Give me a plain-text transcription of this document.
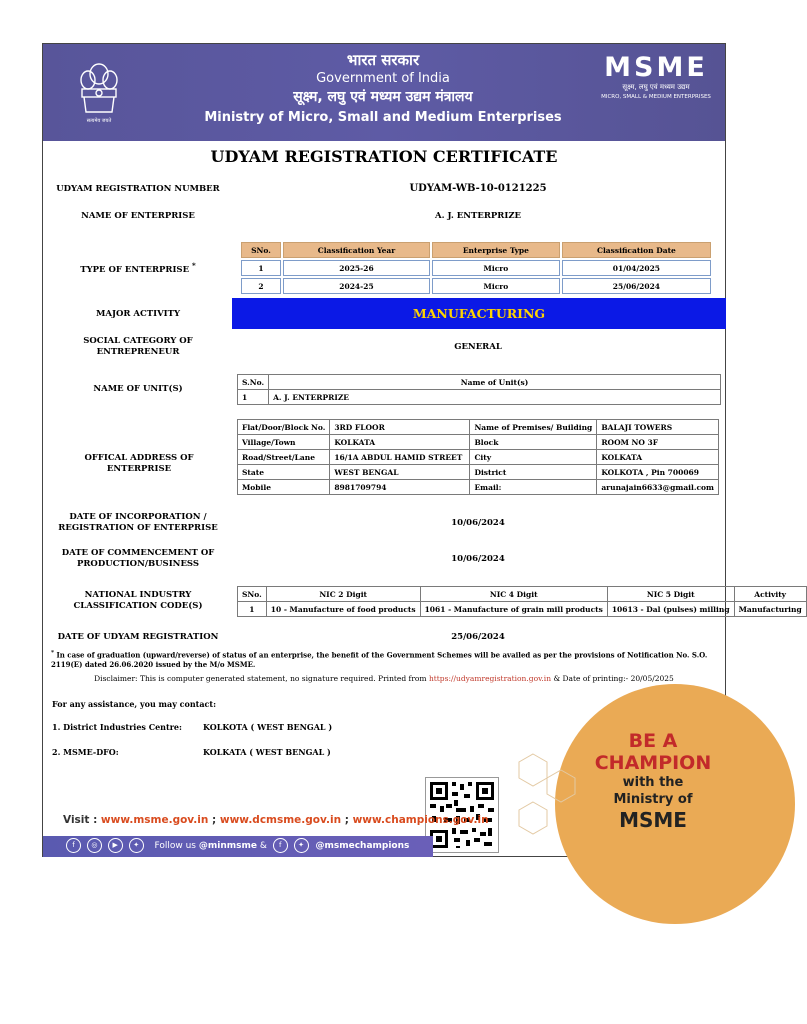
सत्यमेव जयते
भारत सरकार
Government of India
सूक्ष्म, लघु एवं मध्यम उद्यम मंत्रालय
Ministry of Micro, Small and Medium Enterprises
MSME
सूक्ष्म, लघु एवं मध्यम उद्यम
MICRO, SMALL & MEDIUM ENTERPRISES
UDYAM REGISTRATION CERTIFICATE
UDYAM REGISTRATION NUMBER	UDYAM-WB-10-0121225
NAME OF ENTERPRISE	A. J. ENTERPRIZE
TYPE OF ENTERPRISE *
SNo.	Classification Year	Enterprise Type	Classification Date
1	2025-26	Micro	01/04/2025
2	2024-25	Micro	25/06/2024
MAJOR ACTIVITY	MANUFACTURING
SOCIAL CATEGORY OF ENTREPRENEUR	GENERAL
NAME OF UNIT(S)
S.No.	Name of Unit(s)
1	A. J. ENTERPRIZE
OFFICAL ADDRESS OF ENTERPRISE
Flat/Door/Block No.	3RD FLOOR	Name of Premises/ Building	BALAJI TOWERS
Village/Town	KOLKATA	Block	ROOM NO 3F
Road/Street/Lane	16/1A ABDUL HAMID STREET	City	KOLKATA
State	WEST BENGAL	District	KOLKOTA , Pin 700069
Mobile	8981709794	Email:	arunajain6633@gmail.com
DATE OF INCORPORATION / REGISTRATION OF ENTERPRISE	10/06/2024
DATE OF COMMENCEMENT OF PRODUCTION/BUSINESS	10/06/2024
NATIONAL INDUSTRY CLASSIFICATION CODE(S)
SNo.	NIC 2 Digit	NIC 4 Digit	NIC 5 Digit	Activity
1	10 - Manufacture of food products	1061 - Manufacture of grain mill products	10613 - Dal (pulses) milling	Manufacturing
DATE OF UDYAM REGISTRATION	25/06/2024
* In case of graduation (upward/reverse) of status of an enterprise, the benefit of the Government Schemes will be availed as per the provisions of Notification No. S.O. 2119(E) dated 26.06.2020 issued by the M/o MSME.
Disclaimer: This is computer generated statement, no signature required. Printed from https://udyamregistration.gov.in & Date of printing:- 20/05/2025
For any assistance, you may contact:
1. District Industries Centre:	KOLKOTA ( WEST BENGAL )
2. MSME-DFO:	KOLKATA ( WEST BENGAL )	BE A
CHAMPION
with the
Ministry of
MSME
Visit : www.msme.gov.in ; www.dcmsme.gov.in ; www.champions.gov.in
f ◎ ▶ ✦ Follow us @minmsme & f ✦ @msmechampions
